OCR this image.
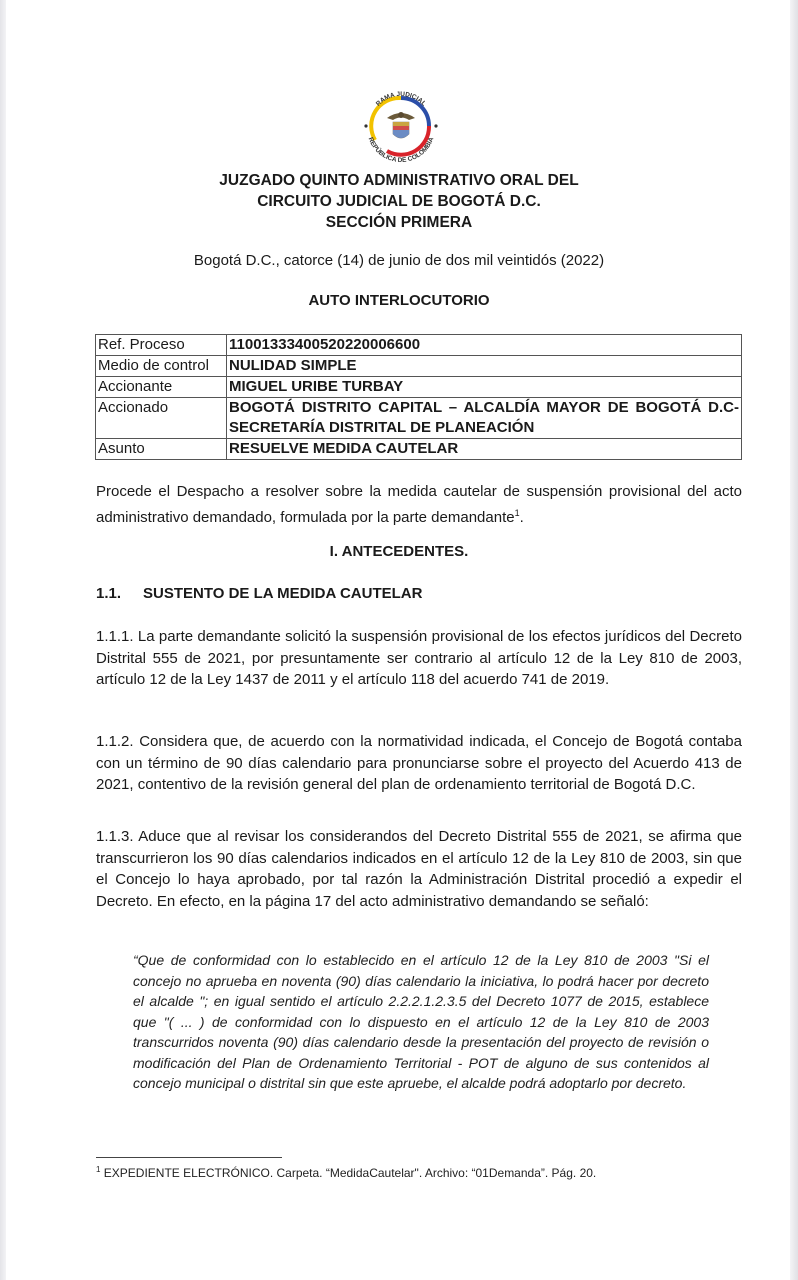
RAMA JUDICIAL
REPÚBLICA DE COLOMBIA
JUZGADO QUINTO ADMINISTRATIVO ORAL DEL
CIRCUITO JUDICIAL DE BOGOTÁ D.C.
SECCIÓN PRIMERA
Bogotá D.C., catorce (14) de junio de dos mil veintidós (2022)
AUTO INTERLOCUTORIO
Ref. Proceso	11001333400520220006600
Medio de control	NULIDAD SIMPLE
Accionante	MIGUEL URIBE TURBAY
Accionado	BOGOTÁ DISTRITO CAPITAL – ALCALDÍA MAYOR DE BOGOTÁ D.C- SECRETARÍA DISTRITAL DE PLANEACIÓN
Asunto	RESUELVE MEDIDA CAUTELAR
Procede el Despacho a resolver sobre la medida cautelar de suspensión provisional del acto administrativo demandado, formulada por la parte demandante$^1$.
I. ANTECEDENTES.
1.1. SUSTENTO DE LA MEDIDA CAUTELAR
1.1.1. La parte demandante solicitó la suspensión provisional de los efectos jurídicos del Decreto Distrital 555 de 2021, por presuntamente ser contrario al artículo 12 de la Ley 810 de 2003, artículo 12 de la Ley 1437 de 2011 y el artículo 118 del acuerdo 741 de 2019.
1.1.2. Considera que, de acuerdo con la normatividad indicada, el Concejo de Bogotá contaba con un término de 90 días calendario para pronunciarse sobre el proyecto del Acuerdo 413 de 2021, contentivo de la revisión general del plan de ordenamiento territorial de Bogotá D.C.
1.1.3. Aduce que al revisar los considerandos del Decreto Distrital 555 de 2021, se afirma que transcurrieron los 90 días calendarios indicados en el artículo 12 de la Ley 810 de 2003, sin que el Concejo lo haya aprobado, por tal razón la Administración Distrital procedió a expedir el Decreto. En efecto, en la página 17 del acto administrativo demandando se señaló:
“Que de conformidad con lo establecido en el artículo 12 de la Ley 810 de 2003 "Si el concejo no aprueba en noventa (90) días calendario la iniciativa, lo podrá hacer por decreto el alcalde "; en igual sentido el artículo 2.2.2.1.2.3.5 del Decreto 1077 de 2015, establece que "( ... ) de conformidad con lo dispuesto en el artículo 12 de la Ley 810 de 2003 transcurridos noventa (90) días calendario desde la presentación del proyecto de revisión o modificación del Plan de Ordenamiento Territorial - POT de alguno de sus contenidos al concejo municipal o distrital sin que este apruebe, el alcalde podrá adoptarlo por decreto.
$^1$ EXPEDIENTE ELECTRÓNICO. Carpeta. “MedidaCautelar". Archivo: “01Demanda”. Pág. 20.
